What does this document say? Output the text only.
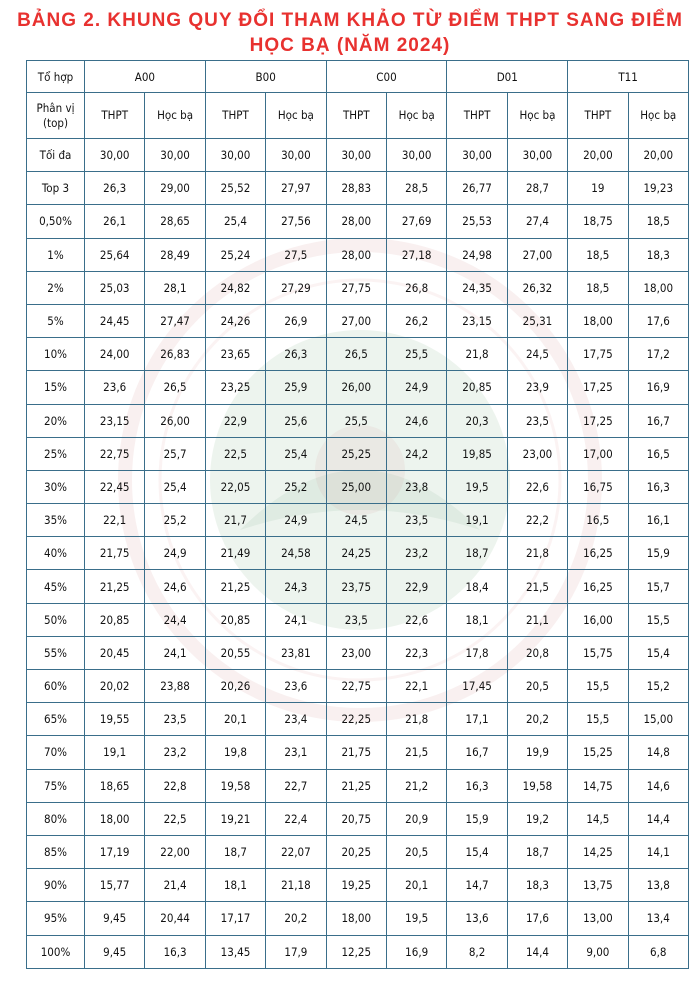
BẢNG 2. KHUNG QUY ĐỔI THAM KHẢO TỪ ĐIỂM THPT SANG ĐIỂM
HỌC BẠ (NĂM 2024)
Tổ hợp	A00		B00		C00		D01		T11	
Phân vị (top)	THPT	Học bạ	THPT	Học bạ	THPT	Học bạ	THPT	Học bạ	THPT	Học bạ
Tối đa	30,00	30,00	30,00	30,00	30,00	30,00	30,00	30,00	20,00	20,00
Top 3	26,3	29,00	25,52	27,97	28,83	28,5	26,77	28,7	19	19,23
0,50%	26,1	28,65	25,4	27,56	28,00	27,69	25,53	27,4	18,75	18,5
1%	25,64	28,49	25,24	27,5	28,00	27,18	24,98	27,00	18,5	18,3
2%	25,03	28,1	24,82	27,29	27,75	26,8	24,35	26,32	18,5	18,00
5%	24,45	27,47	24,26	26,9	27,00	26,2	23,15	25,31	18,00	17,6
10%	24,00	26,83	23,65	26,3	26,5	25,5	21,8	24,5	17,75	17,2
15%	23,6	26,5	23,25	25,9	26,00	24,9	20,85	23,9	17,25	16,9
20%	23,15	26,00	22,9	25,6	25,5	24,6	20,3	23,5	17,25	16,7
25%	22,75	25,7	22,5	25,4	25,25	24,2	19,85	23,00	17,00	16,5
30%	22,45	25,4	22,05	25,2	25,00	23,8	19,5	22,6	16,75	16,3
35%	22,1	25,2	21,7	24,9	24,5	23,5	19,1	22,2	16,5	16,1
40%	21,75	24,9	21,49	24,58	24,25	23,2	18,7	21,8	16,25	15,9
45%	21,25	24,6	21,25	24,3	23,75	22,9	18,4	21,5	16,25	15,7
50%	20,85	24,4	20,85	24,1	23,5	22,6	18,1	21,1	16,00	15,5
55%	20,45	24,1	20,55	23,81	23,00	22,3	17,8	20,8	15,75	15,4
60%	20,02	23,88	20,26	23,6	22,75	22,1	17,45	20,5	15,5	15,2
65%	19,55	23,5	20,1	23,4	22,25	21,8	17,1	20,2	15,5	15,00
70%	19,1	23,2	19,8	23,1	21,75	21,5	16,7	19,9	15,25	14,8
75%	18,65	22,8	19,58	22,7	21,25	21,2	16,3	19,58	14,75	14,6
80%	18,00	22,5	19,21	22,4	20,75	20,9	15,9	19,2	14,5	14,4
85%	17,19	22,00	18,7	22,07	20,25	20,5	15,4	18,7	14,25	14,1
90%	15,77	21,4	18,1	21,18	19,25	20,1	14,7	18,3	13,75	13,8
95%	9,45	20,44	17,17	20,2	18,00	19,5	13,6	17,6	13,00	13,4
100%	9,45	16,3	13,45	17,9	12,25	16,9	8,2	14,4	9,00	6,8
